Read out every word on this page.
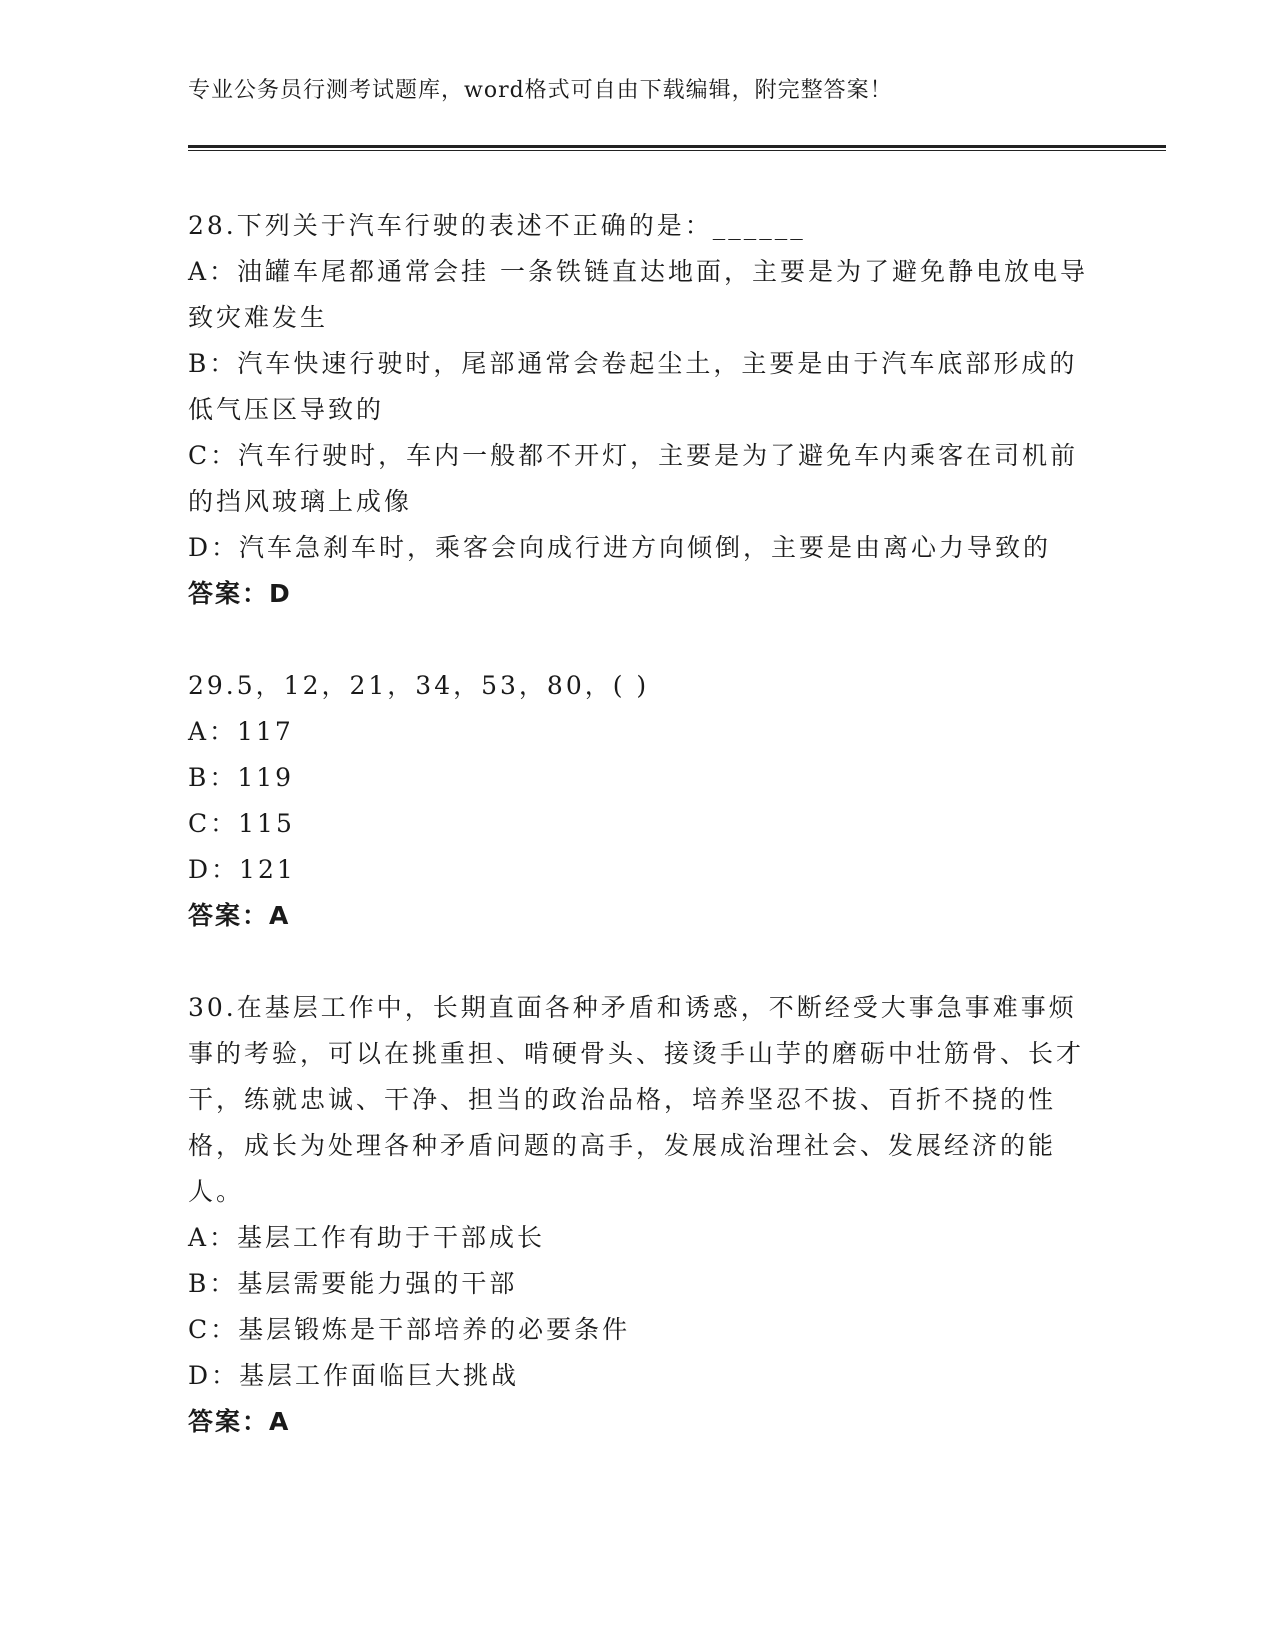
专业公务员行测考试题库，word格式可自由下载编辑，附完整答案！

28.下列关于汽车行驶的表述不正确的是：______

A：油罐车尾都通常会挂 一条铁链直达地面，主要是为了避免静电放电导致灾难发生

B：汽车快速行驶时，尾部通常会卷起尘土，主要是由于汽车底部形成的低气压区导致的

C：汽车行驶时，车内一般都不开灯，主要是为了避免车内乘客在司机前的挡风玻璃上成像

D：汽车急刹车时，乘客会向成行进方向倾倒，主要是由离心力导致的

答案：D

29.5，12，21，34，53，80，( )

A：117

B：119

C：115

D：121

答案：A

30.在基层工作中，长期直面各种矛盾和诱惑，不断经受大事急事难事烦事的考验，可以在挑重担、啃硬骨头、接烫手山芋的磨砺中壮筋骨、长才干，练就忠诚、干净、担当的政治品格，培养坚忍不拔、百折不挠的性格，成长为处理各种矛盾问题的高手，发展成治理社会、发展经济的能人。

A：基层工作有助于干部成长

B：基层需要能力强的干部

C：基层锻炼是干部培养的必要条件

D：基层工作面临巨大挑战

答案：A
